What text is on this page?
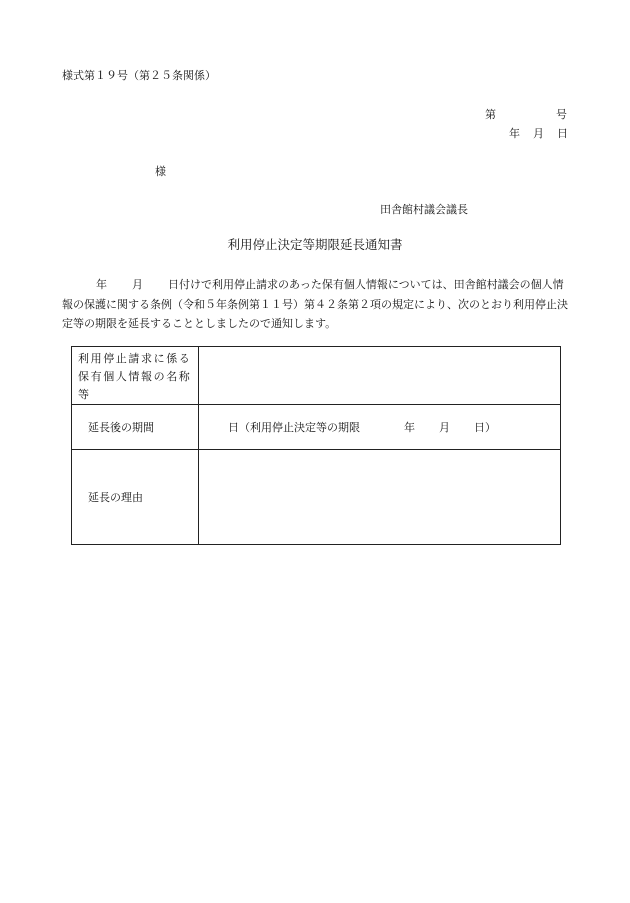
様式第１９号（第２５条関係）
第	号
年 月 日
様
田舎館村議会議長
利用停止決定等期限延長通知書
年 月 日付けで利用停止請求のあった保有個人情報については、田舎館村議会の個人情報の保護に関する条例（令和５年条例第１１号）第４２条第２項の規定により、次のとおり利用停止決定等の期限を延長することとしましたので通知します。
利用停止請求に係る保有個人情報の名称等	

延長後の期間	日（利用停止決定等の期限 年 月 日）

延長の理由	
